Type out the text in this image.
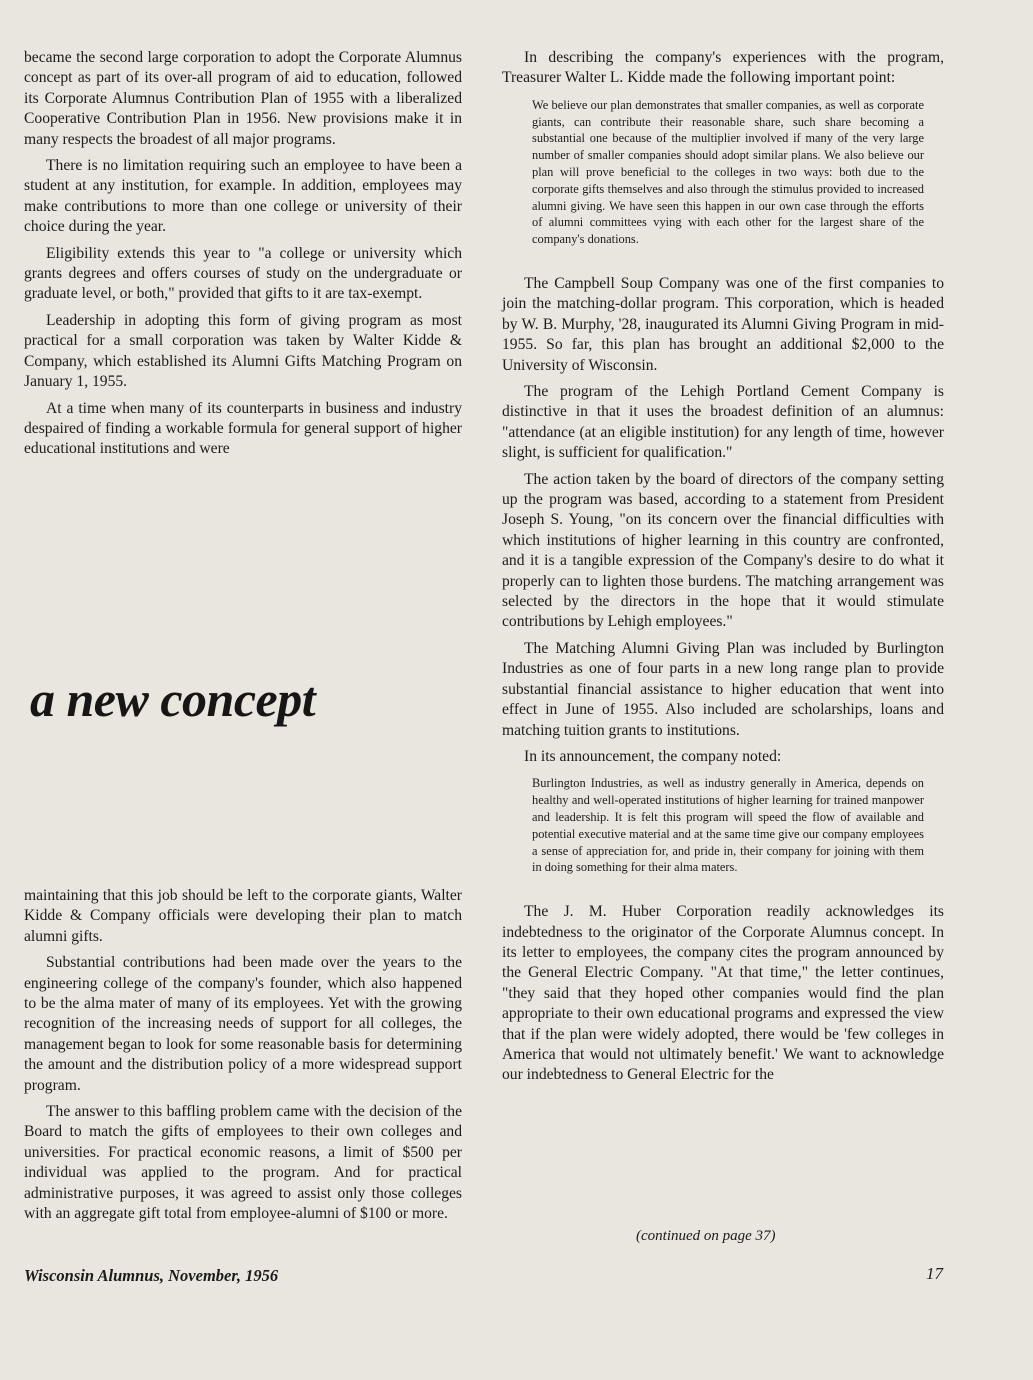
became the second large corporation to adopt the Corporate Alumnus concept as part of its over-all program of aid to education, followed its Corporate Alumnus Contribution Plan of 1955 with a liberalized Cooperative Contribution Plan in 1956. New provisions make it in many respects the broadest of all major programs.

There is no limitation requiring such an employee to have been a student at any institution, for example. In addition, employees may make contributions to more than one college or university of their choice during the year.

Eligibility extends this year to "a college or university which grants degrees and offers courses of study on the undergraduate or graduate level, or both," provided that gifts to it are tax-exempt.

Leadership in adopting this form of giving program as most practical for a small corporation was taken by Walter Kidde & Company, which established its Alumni Gifts Matching Program on January 1, 1955.

At a time when many of its counterparts in business and industry despaired of finding a workable formula for general support of higher educational institutions and were

a new concept

maintaining that this job should be left to the corporate giants, Walter Kidde & Company officials were developing their plan to match alumni gifts.

Substantial contributions had been made over the years to the engineering college of the company's founder, which also happened to be the alma mater of many of its employees. Yet with the growing recognition of the increasing needs of support for all colleges, the management began to look for some reasonable basis for determining the amount and the distribution policy of a more widespread support program.

The answer to this baffling problem came with the decision of the Board to match the gifts of employees to their own colleges and universities. For practical economic reasons, a limit of $500 per individual was applied to the program. And for practical administrative purposes, it was agreed to assist only those colleges with an aggregate gift total from employee-alumni of $100 or more.

In describing the company's experiences with the program, Treasurer Walter L. Kidde made the following important point:

We believe our plan demonstrates that smaller companies, as well as corporate giants, can contribute their reasonable share, such share becoming a substantial one because of the multiplier involved if many of the very large number of smaller companies should adopt similar plans. We also believe our plan will prove beneficial to the colleges in two ways: both due to the corporate gifts themselves and also through the stimulus provided to increased alumni giving. We have seen this happen in our own case through the efforts of alumni committees vying with each other for the largest share of the company's donations.

The Campbell Soup Company was one of the first companies to join the matching-dollar program. This corporation, which is headed by W. B. Murphy, '28, inaugurated its Alumni Giving Program in mid-1955. So far, this plan has brought an additional $2,000 to the University of Wisconsin.

The program of the Lehigh Portland Cement Company is distinctive in that it uses the broadest definition of an alumnus: "attendance (at an eligible institution) for any length of time, however slight, is sufficient for qualification."

The action taken by the board of directors of the company setting up the program was based, according to a statement from President Joseph S. Young, "on its concern over the financial difficulties with which institutions of higher learning in this country are confronted, and it is a tangible expression of the Company's desire to do what it properly can to lighten those burdens. The matching arrangement was selected by the directors in the hope that it would stimulate contributions by Lehigh employees."

The Matching Alumni Giving Plan was included by Burlington Industries as one of four parts in a new long range plan to provide substantial financial assistance to higher education that went into effect in June of 1955. Also included are scholarships, loans and matching tuition grants to institutions.

In its announcement, the company noted:

Burlington Industries, as well as industry generally in America, depends on healthy and well-operated institutions of higher learning for trained manpower and leadership. It is felt this program will speed the flow of available and potential executive material and at the same time give our company employees a sense of appreciation for, and pride in, their company for joining with them in doing something for their alma maters.

The J. M. Huber Corporation readily acknowledges its indebtedness to the originator of the Corporate Alumnus concept. In its letter to employees, the company cites the program announced by the General Electric Company. "At that time," the letter continues, "they said that they hoped other companies would find the plan appropriate to their own educational programs and expressed the view that if the plan were widely adopted, there would be 'few colleges in America that would not ultimately benefit.' We want to acknowledge our indebtedness to General Electric for the

(continued on page 37)
Wisconsin Alumnus, November, 1956	17
